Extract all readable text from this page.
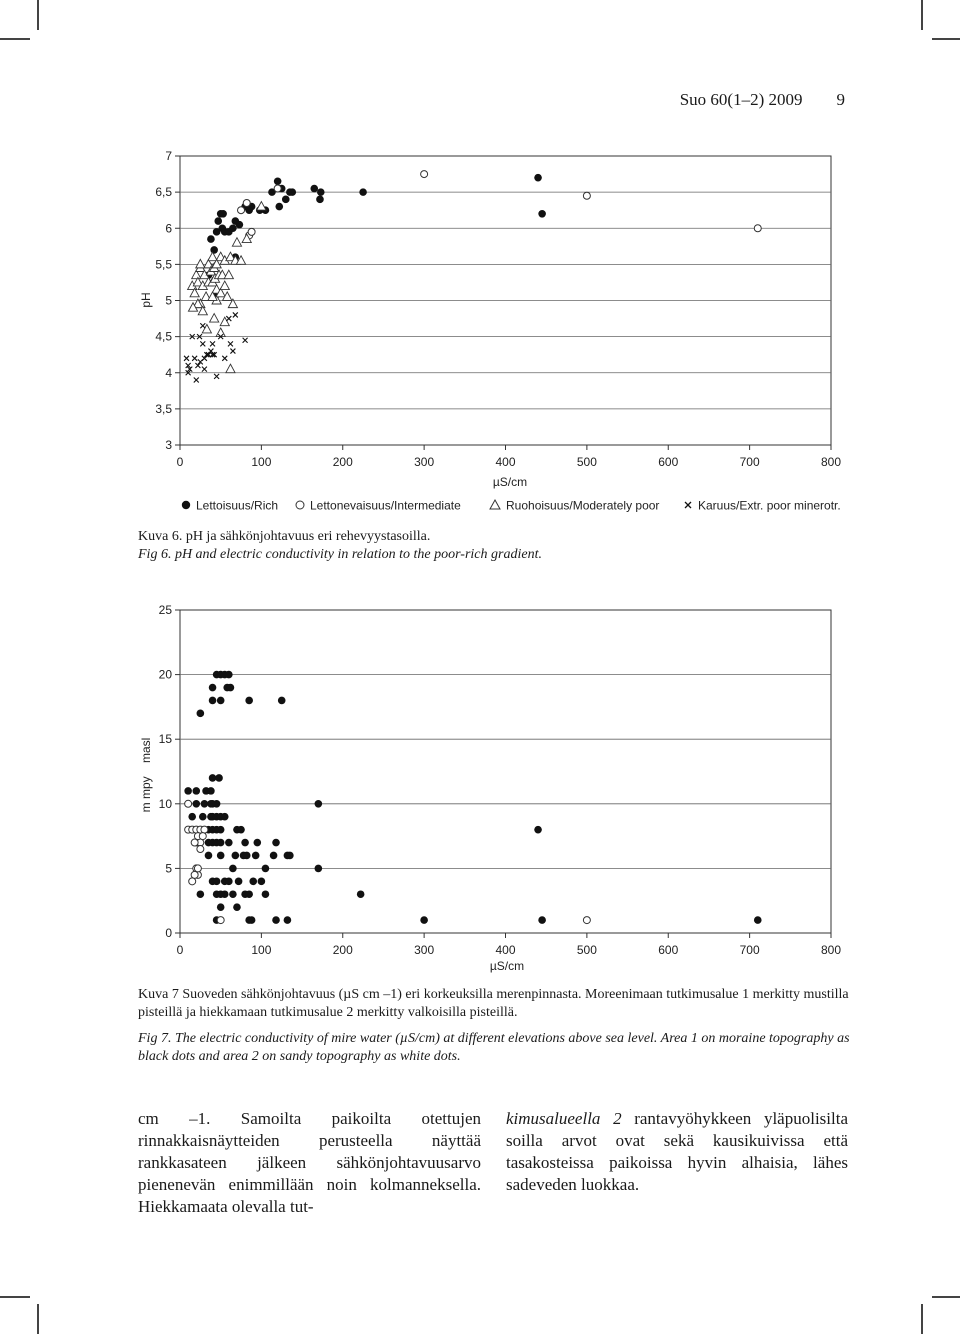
Suo 60(1–2) 2009 9
3
3,5
4
4,5
5
5,5
6
6,5
7
0	100	200	300	400	500	600	700	800
pH
µS/cm
Lettoisuus/Rich	Lettonevaisuus/Intermediate	Ruohoisuus/Moderately poor	Karuus/Extr. poor minerotr.

Kuva 6. pH ja sähkönjohtavuus eri rehevyystasoilla.

Fig 6. pH and electric conductivity in relation to the poor-rich gradient.

0
5
10
15
20
25
0	100	200	300	400	500	600	700	800
m mpy    masl
µS/cm

Kuva 7 Suoveden sähkönjohtavuus (µS cm –1) eri korkeuksilla merenpinnasta. Moreenimaan tutkimusalue 1 merkitty mustilla pisteillä ja hiekkamaan tutkimusalue 2 merkitty valkoisilla pisteillä.

Fig 7. The electric conductivity of mire water (µS/cm) at different elevations above sea level. Area 1 on moraine topography as black dots and area 2 on sandy topography as white dots.

cm –1. Samoilta paikoilta otettujen rinnakkaisnäytteiden perusteella näyttää rankkasateen jälkeen sähkönjohtavuusarvo pienenevän enimmillään noin kolmanneksella. Hiekkamaata olevalla tut-

kimusalueella 2 rantavyöhykkeen yläpuolisilta soilla arvot ovat sekä kausikuivissa että tasakosteissa paikoissa hyvin alhaisia, lähes sadeveden luokkaa.
